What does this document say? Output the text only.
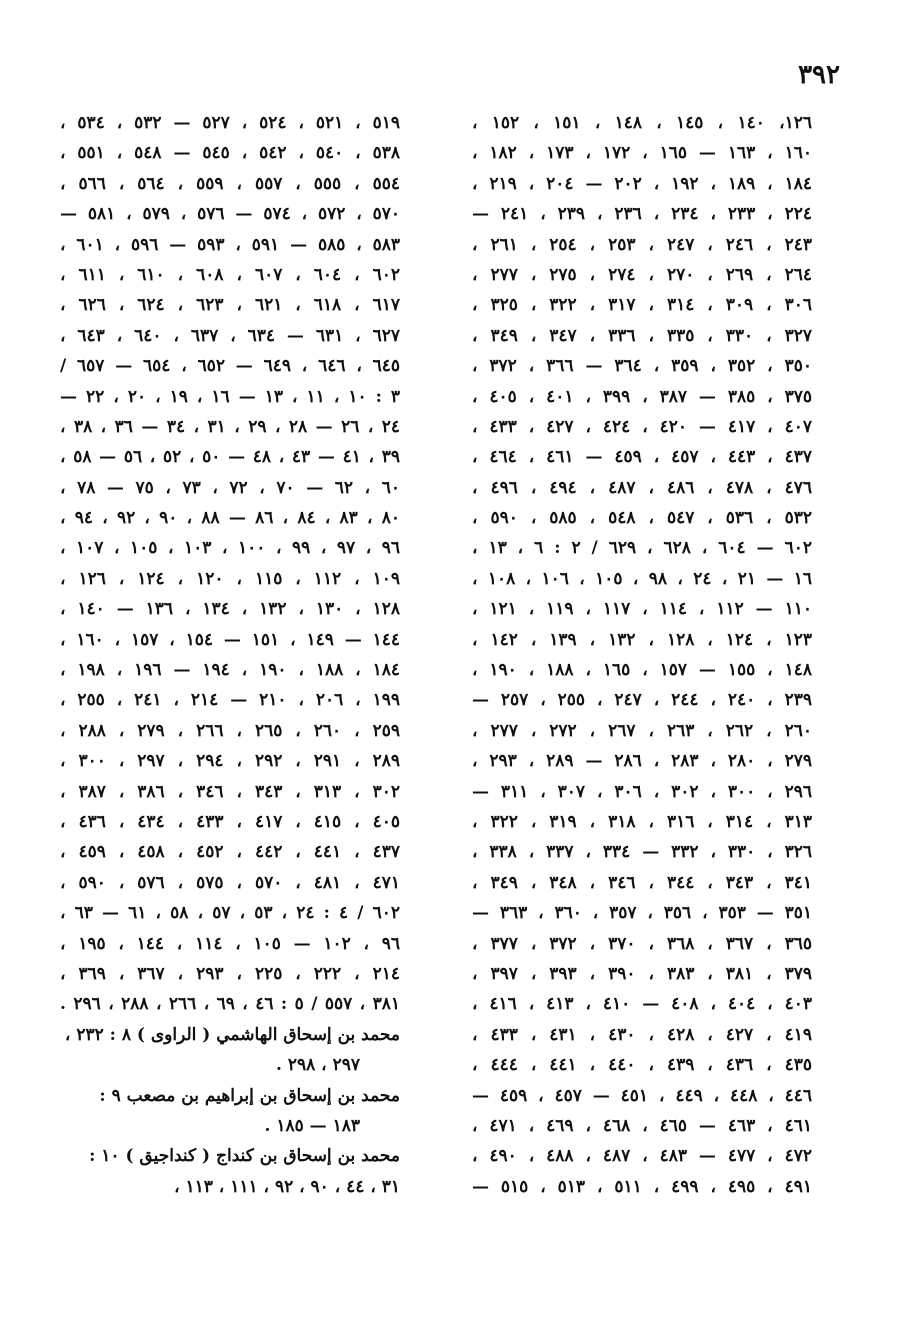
٣٩٢
١٢٦، ١٤٠ ، ١٤٥ ، ١٤٨ ، ١٥١ ، ١٥٢ ،
١٦٠ ، ١٦٣ — ١٦٥ ، ١٧٢ ، ١٧٣ ، ١٨٢ ،
١٨٤ ، ١٨٩ ، ١٩٢ ، ٢٠٢ — ٢٠٤ ، ٢١٩ ،
٢٢٤ ، ٢٣٣ ، ٢٣٤ ، ٢٣٦ ، ٢٣٩ ، ٢٤١ —
٢٤٣ ، ٢٤٦ ، ٢٤٧ ، ٢٥٣ ، ٢٥٤ ، ٢٦١ ،
٢٦٤ ، ٢٦٩ ، ٢٧٠ ، ٢٧٤ ، ٢٧٥ ، ٢٧٧ ،
٣٠٦ ، ٣٠٩ ، ٣١٤ ، ٣١٧ ، ٣٢٢ ، ٣٢٥ ،
٣٢٧ ، ٣٣٠ ، ٣٣٥ ، ٣٣٦ ، ٣٤٧ ، ٣٤٩ ،
٣٥٠ ، ٣٥٢ ، ٣٥٩ ، ٣٦٤ — ٣٦٦ ، ٣٧٢ ،
٣٧٥ ، ٣٨٥ — ٣٨٧ ، ٣٩٩ ، ٤٠١ ، ٤٠٥ ،
٤٠٧ ، ٤١٧ — ٤٢٠ ، ٤٢٤ ، ٤٢٧ ، ٤٣٣ ،
٤٣٧ ، ٤٤٣ ، ٤٥٧ ، ٤٥٩ — ٤٦١ ، ٤٦٤ ،
٤٧٦ ، ٤٧٨ ، ٤٨٦ ، ٤٨٧ ، ٤٩٤ ، ٤٩٦ ،
٥٣٢ ، ٥٣٦ ، ٥٤٧ ، ٥٤٨ ، ٥٨٥ ، ٥٩٠ ،
٦٠٢ — ٦٠٤ ، ٦٢٨ ، ٦٢٩ / ٢ : ٦ ، ١٣ ،
١٦ — ٢١ ، ٢٤ ، ٩٨ ، ١٠٥ ، ١٠٦ ، ١٠٨ ،
١١٠ — ١١٢ ، ١١٤ ، ١١٧ ، ١١٩ ، ١٢١ ،
١٢٣ ، ١٢٤ ، ١٢٨ ، ١٣٢ ، ١٣٩ ، ١٤٢ ،
١٤٨ ، ١٥٥ — ١٥٧ ، ١٦٥ ، ١٨٨ ، ١٩٠ ،
٢٣٩ ، ٢٤٠ ، ٢٤٤ ، ٢٤٧ ، ٢٥٥ ، ٢٥٧ —
٢٦٠ ، ٢٦٢ ، ٢٦٣ ، ٢٦٧ ، ٢٧٢ ، ٢٧٧ ،
٢٧٩ ، ٢٨٠ ، ٢٨٣ ، ٢٨٦ — ٢٨٩ ، ٢٩٣ ،
٢٩٦ ، ٣٠٠ ، ٣٠٢ ، ٣٠٦ ، ٣٠٧ ، ٣١١ —
٣١٣ ، ٣١٤ ، ٣١٦ ، ٣١٨ ، ٣١٩ ، ٣٢٢ ،
٣٢٦ ، ٣٣٠ ، ٣٣٢ — ٣٣٤ ، ٣٣٧ ، ٣٣٨ ،
٣٤١ ، ٣٤٣ ، ٣٤٤ ، ٣٤٦ ، ٣٤٨ ، ٣٤٩ ،
٣٥١ — ٣٥٣ ، ٣٥٦ ، ٣٥٧ ، ٣٦٠ ، ٣٦٣ —
٣٦٥ ، ٣٦٧ ، ٣٦٨ ، ٣٧٠ ، ٣٧٢ ، ٣٧٧ ،
٣٧٩ ، ٣٨١ ، ٣٨٣ ، ٣٩٠ ، ٣٩٣ ، ٣٩٧ ،
٤٠٣ ، ٤٠٤ ، ٤٠٨ — ٤١٠ ، ٤١٣ ، ٤١٦ ،
٤١٩ ، ٤٢٧ ، ٤٢٨ ، ٤٣٠ ، ٤٣١ ، ٤٣٣ ،
٤٣٥ ، ٤٣٦ ، ٤٣٩ ، ٤٤٠ ، ٤٤١ ، ٤٤٤ ،
٤٤٦ ، ٤٤٨ ، ٤٤٩ ، ٤٥١ — ٤٥٧ ، ٤٥٩ —
٤٦١ ، ٤٦٣ — ٤٦٥ ، ٤٦٨ ، ٤٦٩ ، ٤٧١ ،
٤٧٢ ، ٤٧٧ — ٤٨٣ ، ٤٨٧ ، ٤٨٨ ، ٤٩٠ ،
٤٩١ ، ٤٩٥ ، ٤٩٩ ، ٥١١ ، ٥١٣ ، ٥١٥ —
٥١٩ ، ٥٢١ ، ٥٢٤ ، ٥٢٧ — ٥٣٢ ، ٥٣٤ ،
٥٣٨ ، ٥٤٠ ، ٥٤٢ ، ٥٤٥ — ٥٤٨ ، ٥٥١ ،
٥٥٤ ، ٥٥٥ ، ٥٥٧ ، ٥٥٩ ، ٥٦٤ ، ٥٦٦ ،
٥٧٠ ، ٥٧٢ ، ٥٧٤ — ٥٧٦ ، ٥٧٩ ، ٥٨١ —
٥٨٣ ، ٥٨٥ — ٥٩١ ، ٥٩٣ — ٥٩٦ ، ٦٠١ ،
٦٠٢ ، ٦٠٤ ، ٦٠٧ ، ٦٠٨ ، ٦١٠ ، ٦١١ ،
٦١٧ ، ٦١٨ ، ٦٢١ ، ٦٢٣ ، ٦٢٤ ، ٦٢٦ ،
٦٢٧ ، ٦٣١ — ٦٣٤ ، ٦٣٧ ، ٦٤٠ ، ٦٤٣ ،
٦٤٥ ، ٦٤٦ ، ٦٤٩ — ٦٥٢ ، ٦٥٤ — ٦٥٧ /
٣ : ١٠ ، ١١ ، ١٣ — ١٦ ، ١٩ ، ٢٠ ، ٢٢ —
٢٤ ، ٢٦ — ٢٨ ، ٢٩ ، ٣١ ، ٣٤ — ٣٦ ، ٣٨ ،
٣٩ ، ٤١ — ٤٣ ، ٤٨ — ٥٠ ، ٥٢ ، ٥٦ — ٥٨ ،
٦٠ ، ٦٢ — ٧٠ ، ٧٢ ، ٧٣ ، ٧٥ — ٧٨ ،
٨٠ ، ٨٣ ، ٨٤ ، ٨٦ — ٨٨ ، ٩٠ ، ٩٢ ، ٩٤ ،
٩٦ ، ٩٧ ، ٩٩ ، ١٠٠ ، ١٠٣ ، ١٠٥ ، ١٠٧ ،
١٠٩ ، ١١٢ ، ١١٥ ، ١٢٠ ، ١٢٤ ، ١٢٦ ،
١٢٨ ، ١٣٠ ، ١٣٢ ، ١٣٤ ، ١٣٦ — ١٤٠ ،
١٤٤ — ١٤٩ ، ١٥١ — ١٥٤ ، ١٥٧ ، ١٦٠ ،
١٨٤ ، ١٨٨ ، ١٩٠ ، ١٩٤ — ١٩٦ ، ١٩٨ ،
١٩٩ ، ٢٠٦ ، ٢١٠ — ٢١٤ ، ٢٤١ ، ٢٥٥ ،
٢٥٩ ، ٢٦٠ ، ٢٦٥ ، ٢٦٦ ، ٢٧٩ ، ٢٨٨ ،
٢٨٩ ، ٢٩١ ، ٢٩٢ ، ٢٩٤ ، ٢٩٧ ، ٣٠٠ ،
٣٠٢ ، ٣١٣ ، ٣٤٣ ، ٣٤٦ ، ٣٨٦ ، ٣٨٧ ،
٤٠٥ ، ٤١٥ ، ٤١٧ ، ٤٣٣ ، ٤٣٤ ، ٤٣٦ ،
٤٣٧ ، ٤٤١ ، ٤٤٢ ، ٤٥٢ ، ٤٥٨ ، ٤٥٩ ،
٤٧١ ، ٤٨١ ، ٥٧٠ ، ٥٧٥ ، ٥٧٦ ، ٥٩٠ ،
٦٠٢ / ٤ : ٢٤ ، ٥٣ ، ٥٧ ، ٥٨ ، ٦١ — ٦٣ ،
٩٦ ، ١٠٢ — ١٠٥ ، ١١٤ ، ١٤٤ ، ١٩٥ ،
٢١٤ ، ٢٢٢ ، ٢٢٥ ، ٢٩٣ ، ٣٦٧ ، ٣٦٩ ،
٣٨١ ، ٥٥٧ / ٥ : ٤٦ ، ٦٩ ، ٢٦٦ ، ٢٨٨ ، ٢٩٦ .
محمد بن إسحاق الهاشمي ( الراوى ) ٨ : ٢٣٢ ،
٢٩٧ ، ٢٩٨ .
محمد بن إسحاق بن إبراهيم بن مصعب ٩ :
١٨٣ — ١٨٥ .
محمد بن إسحاق بن كنداج ( كنداجيق ) ١٠ :
٣١ ، ٤٤ ، ٩٠ ، ٩٢ ، ١١١ ، ١١٣ ،
